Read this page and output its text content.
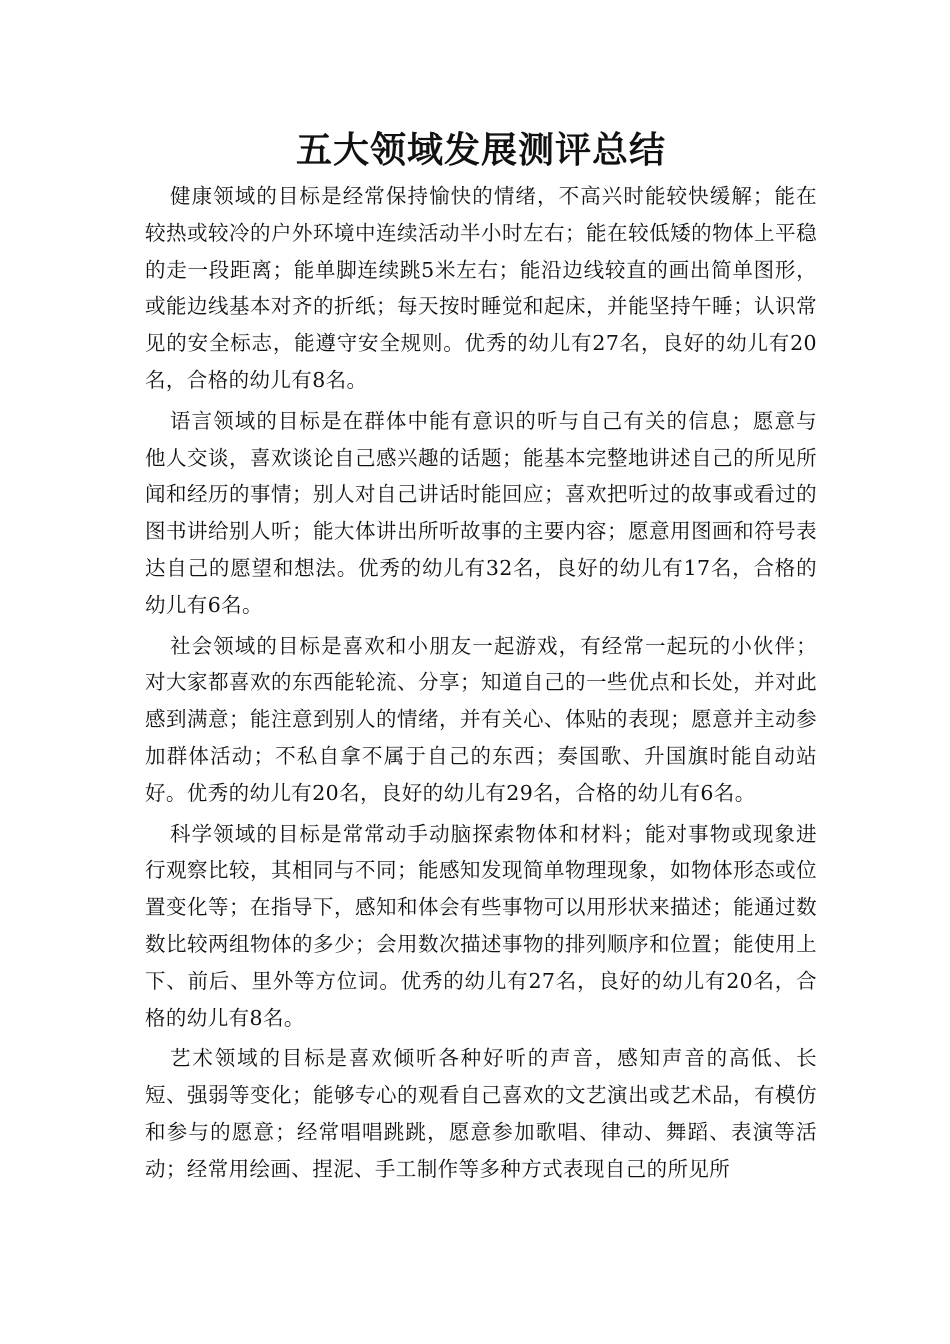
五大领域发展测评总结

健康领域的目标是经常保持愉快的情绪，不高兴时能较快缓解；能在较热或较冷的户外环境中连续活动半小时左右；能在较低矮的物体上平稳的走一段距离；能单脚连续跳5米左右；能沿边线较直的画出简单图形，或能边线基本对齐的折纸；每天按时睡觉和起床，并能坚持午睡；认识常见的安全标志，能遵守安全规则。优秀的幼儿有27名，良好的幼儿有20名，合格的幼儿有8名。

语言领域的目标是在群体中能有意识的听与自己有关的信息；愿意与他人交谈，喜欢谈论自己感兴趣的话题；能基本完整地讲述自己的所见所闻和经历的事情；别人对自己讲话时能回应；喜欢把听过的故事或看过的图书讲给别人听；能大体讲出所听故事的主要内容；愿意用图画和符号表达自己的愿望和想法。优秀的幼儿有32名，良好的幼儿有17名，合格的幼儿有6名。

社会领域的目标是喜欢和小朋友一起游戏，有经常一起玩的小伙伴；对大家都喜欢的东西能轮流、分享；知道自己的一些优点和长处，并对此感到满意；能注意到别人的情绪，并有关心、体贴的表现；愿意并主动参加群体活动；不私自拿不属于自己的东西；奏国歌、升国旗时能自动站好。优秀的幼儿有20名，良好的幼儿有29名，合格的幼儿有6名。

科学领域的目标是常常动手动脑探索物体和材料；能对事物或现象进行观察比较，其相同与不同；能感知发现简单物理现象，如物体形态或位置变化等；在指导下，感知和体会有些事物可以用形状来描述；能通过数数比较两组物体的多少；会用数次描述事物的排列顺序和位置；能使用上下、前后、里外等方位词。优秀的幼儿有27名，良好的幼儿有20名，合格的幼儿有8名。

艺术领域的目标是喜欢倾听各种好听的声音，感知声音的高低、长短、强弱等变化；能够专心的观看自己喜欢的文艺演出或艺术品，有模仿和参与的愿意；经常唱唱跳跳，愿意参加歌唱、律动、舞蹈、表演等活动；经常用绘画、捏泥、手工制作等多种方式表现自己的所见所
